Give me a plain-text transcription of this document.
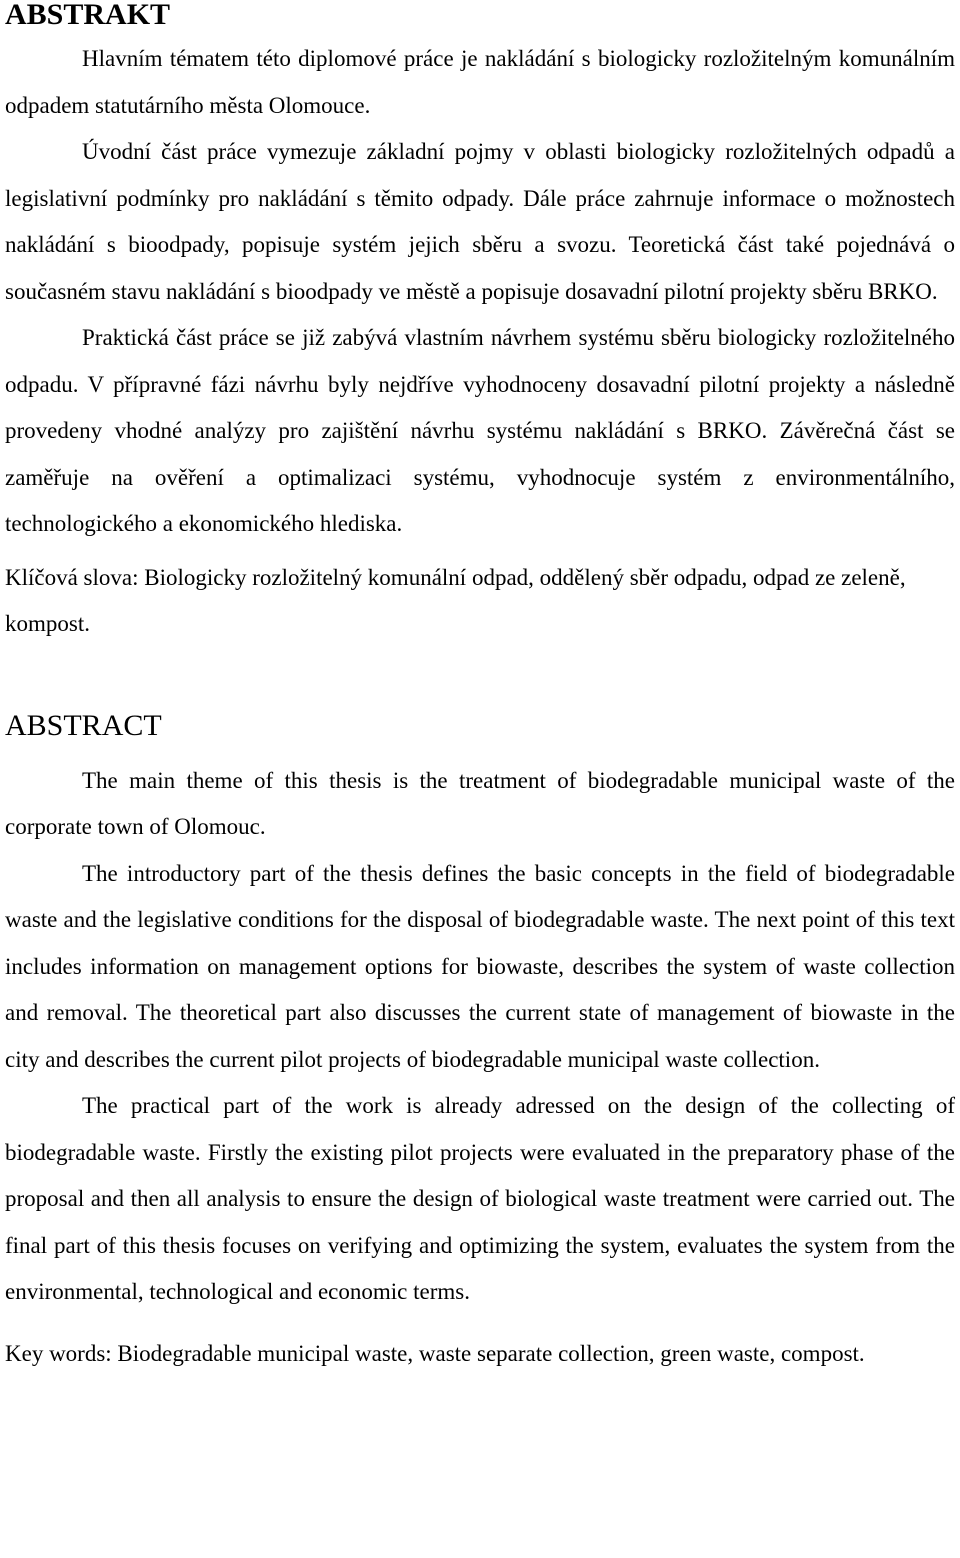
ABSTRAKT

Hlavním tématem této diplomové práce je nakládání s biologicky rozložitelným komunálním odpadem statutárního města Olomouce.

Úvodní část práce vymezuje základní pojmy v oblasti biologicky rozložitelných odpadů a legislativní podmínky pro nakládání s těmito odpady. Dále práce zahrnuje informace o možnostech nakládání s bioodpady, popisuje systém jejich sběru a svozu. Teoretická část také pojednává o současném stavu nakládání s bioodpady ve městě a popisuje dosavadní pilotní projekty sběru BRKO.

Praktická část práce se již zabývá vlastním návrhem systému sběru biologicky rozložitelného odpadu. V přípravné fázi návrhu byly nejdříve vyhodnoceny dosavadní pilotní projekty a následně provedeny vhodné analýzy pro zajištění návrhu systému nakládání s BRKO. Závěrečná část se zaměřuje na ověření a optimalizaci systému, vyhodnocuje systém z environmentálního, technologického a ekonomického hlediska.

Klíčová slova: Biologicky rozložitelný komunální odpad, oddělený sběr odpadu, odpad ze zeleně, kompost.

ABSTRACT

The main theme of this thesis is the treatment of biodegradable municipal waste of the corporate town of Olomouc.

The introductory part of the thesis defines the basic concepts in the field of biodegradable waste and the legislative conditions for the disposal of biodegradable waste. The next point of this text includes information on management options for biowaste, describes the system of waste collection and removal. The theoretical part also discusses the current state of management of biowaste in the city and describes the current pilot projects of biodegradable municipal waste collection.

The practical part of the work is already adressed on the design of the collecting of biodegradable waste. Firstly the existing pilot projects were evaluated in the preparatory phase of the proposal and then all analysis to ensure the design of biological waste treatment were carried out. The final part of this thesis focuses on verifying and optimizing the system, evaluates the system from the environmental, technological and economic terms.

Key words: Biodegradable municipal waste, waste separate collection, green waste, compost.
